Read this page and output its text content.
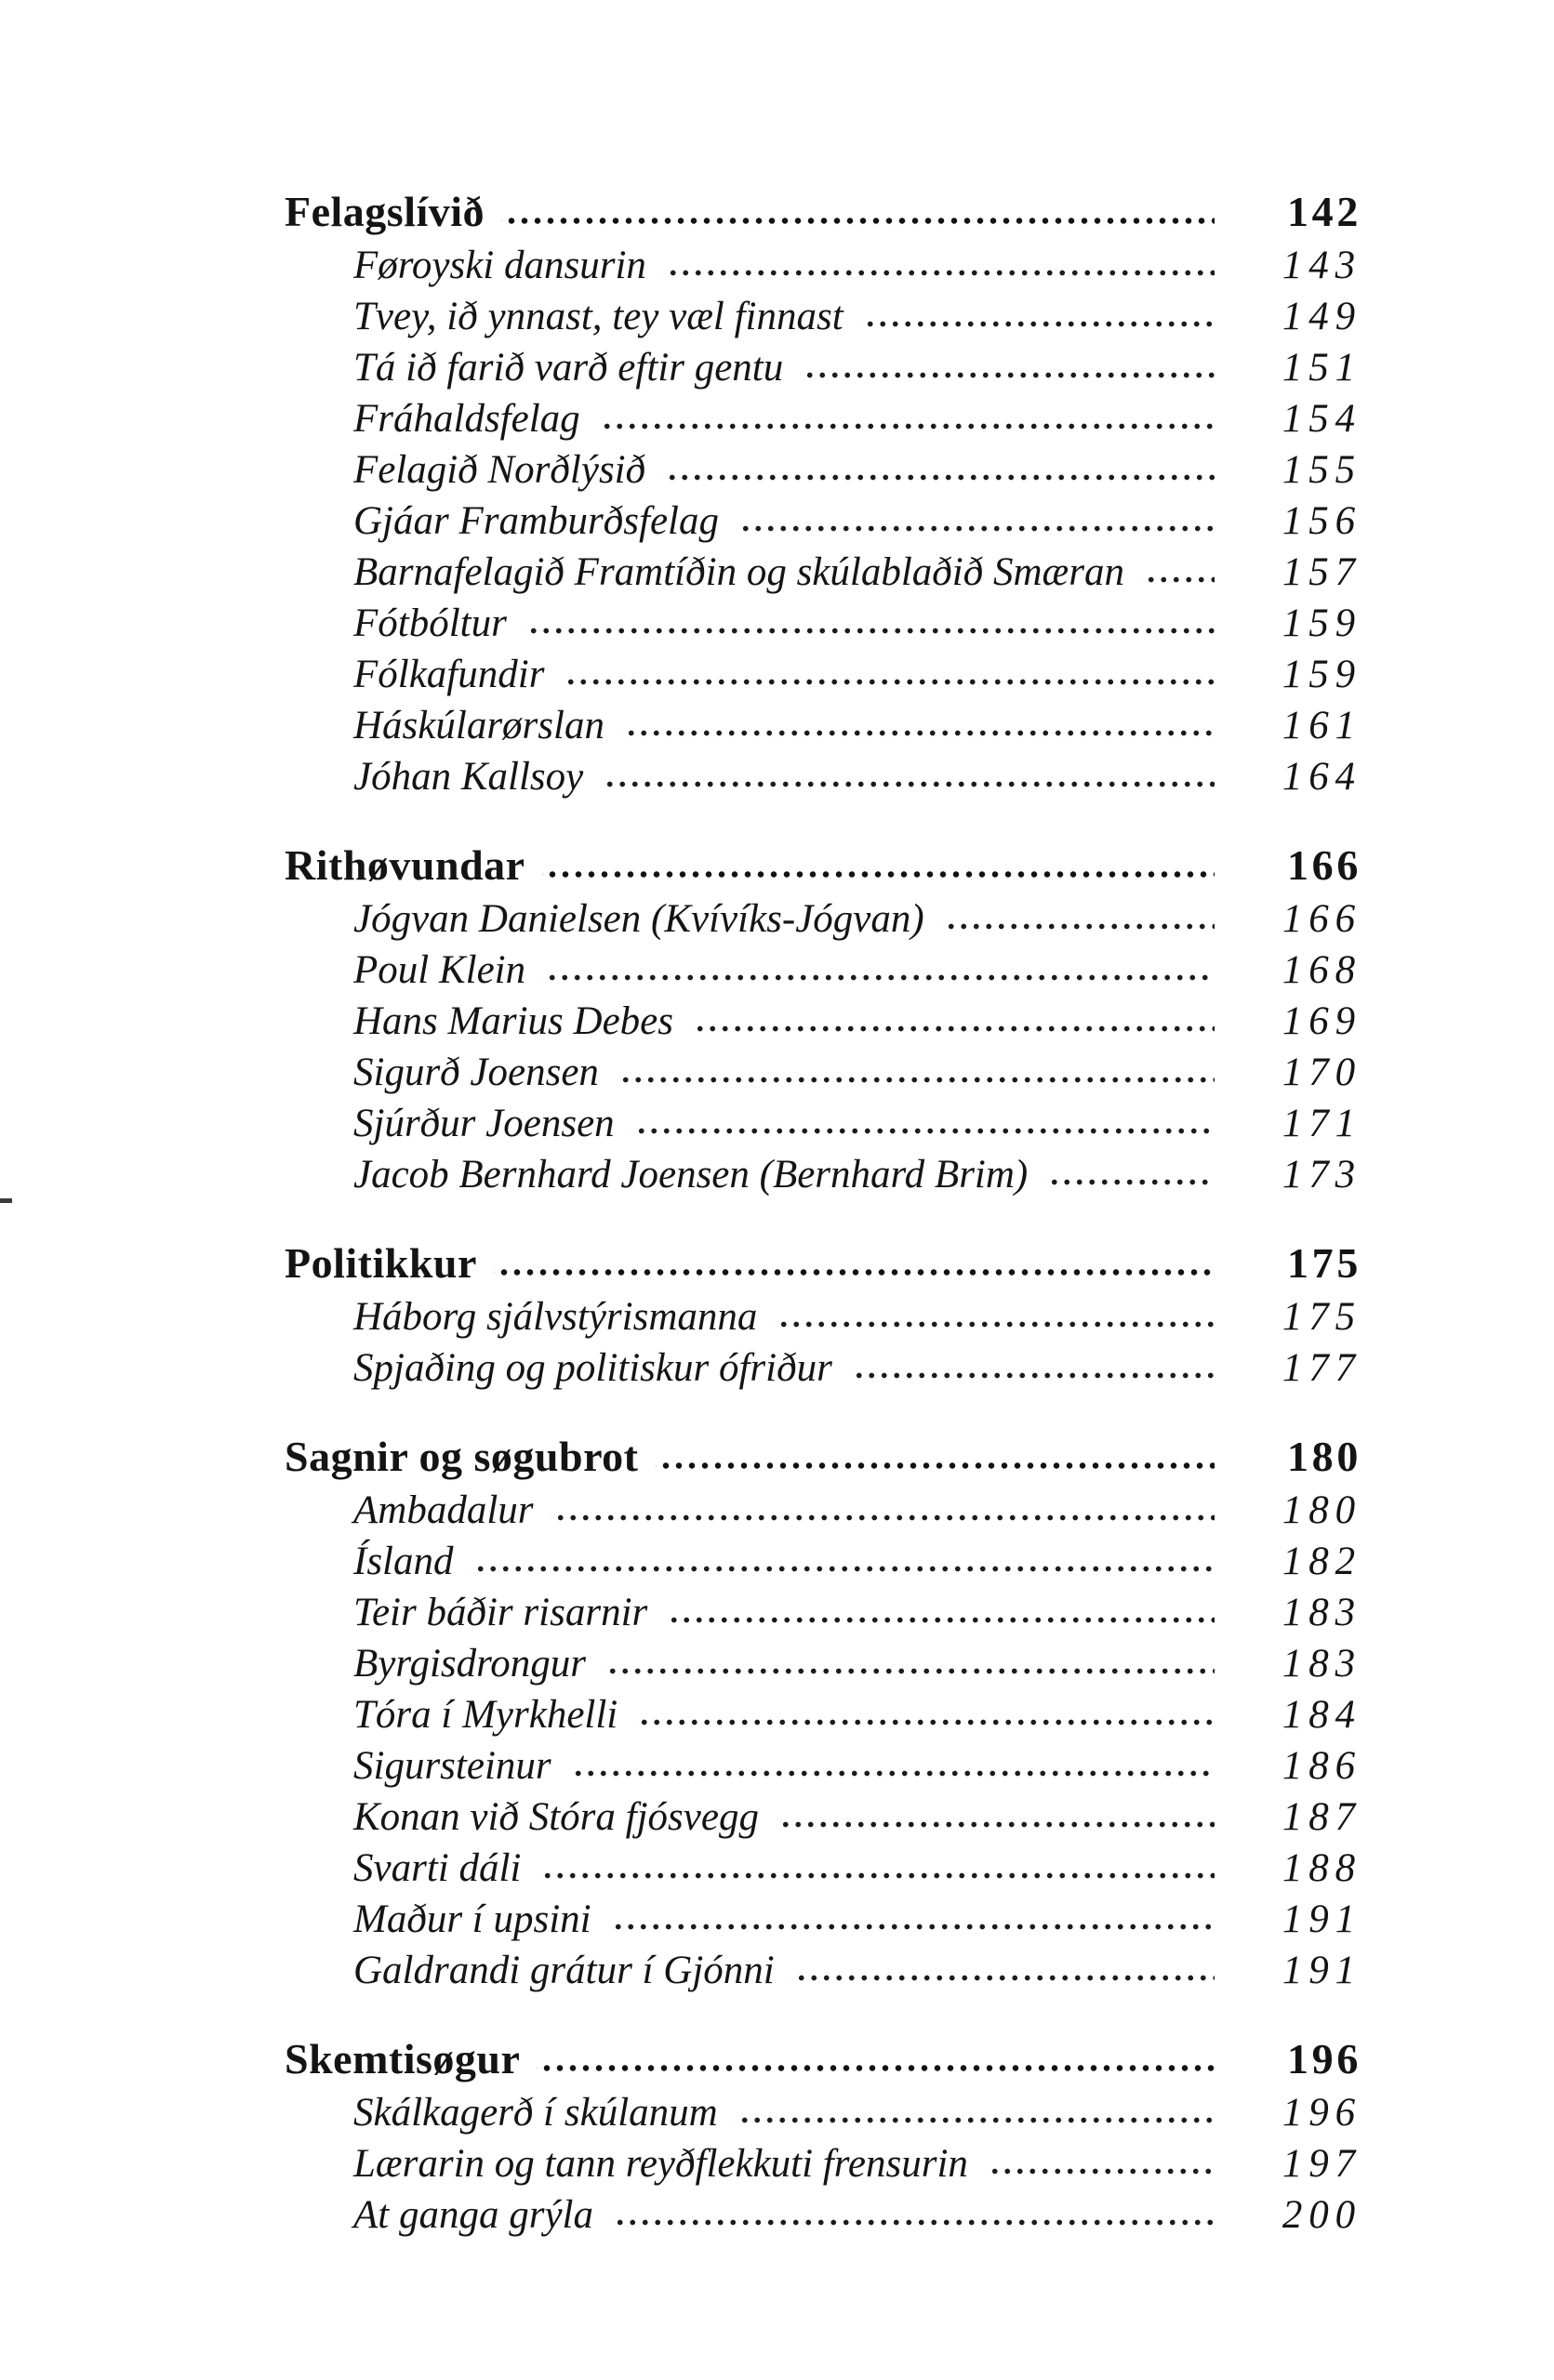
Felagslívið	142
Føroyski dansurin	143
Tvey, ið ynnast, tey væl finnast	149
Tá ið farið varð eftir gentu	151
Fráhaldsfelag	154
Felagið Norðlýsið	155
Gjáar Framburðsfelag	156
Barnafelagið Framtíðin og skúlablaðið Smæran	157
Fótbóltur	159
Fólkafundir	159
Háskúlarørslan	161
Jóhan Kallsoy	164
Rithøvundar	166
Jógvan Danielsen (Kvívíks-Jógvan)	166
Poul Klein	168
Hans Marius Debes	169
Sigurð Joensen	170
Sjúrður Joensen	171
Jacob Bernhard Joensen (Bernhard Brim)	173
Politikkur	175
Háborg sjálvstýrismanna	175
Spjaðing og politiskur ófriður	177
Sagnir og søgubrot	180
Ambadalur	180
Ísland	182
Teir báðir risarnir	183
Byrgisdrongur	183
Tóra í Myrkhelli	184
Sigursteinur	186
Konan við Stóra fjósvegg	187
Svarti dáli	188
Maður í upsini	191
Galdrandi grátur í Gjónni	191
Skemtisøgur	196
Skálkagerð í skúlanum	196
Lærarin og tann reyðflekkuti frensurin	197
At ganga grýla	200
